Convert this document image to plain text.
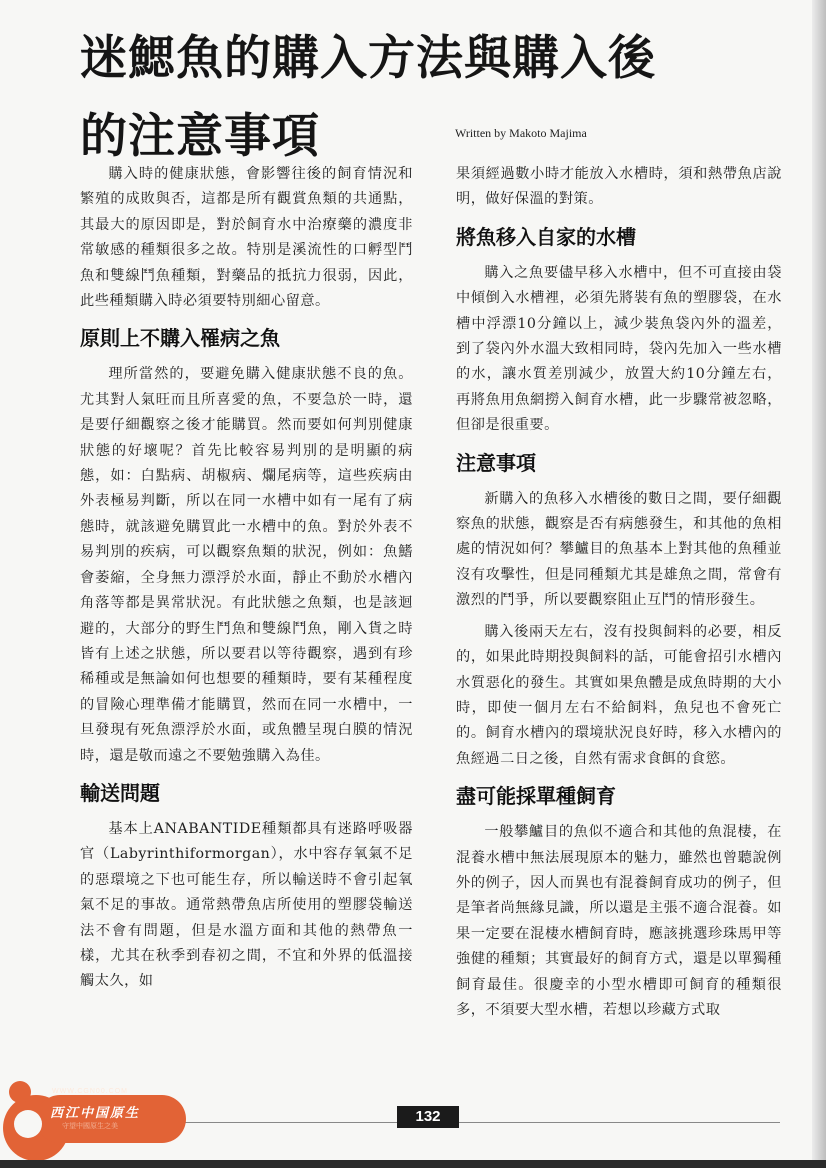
迷鰓魚的購入方法與購入後
的注意事項	Written by Makoto Majima

購入時的健康狀態，會影響往後的飼育情況和繁殖的成敗與否，這都是所有觀賞魚類的共通點，其最大的原因即是，對於飼育水中治療藥的濃度非常敏感的種類很多之故。特別是溪流性的口孵型鬥魚和雙線鬥魚種類，對藥品的抵抗力很弱，因此，此些種類購入時必須要特別細心留意。

原則上不購入罹病之魚

理所當然的，要避免購入健康狀態不良的魚。尤其對人氣旺而且所喜愛的魚，不要急於一時，還是要仔細觀察之後才能購買。然而要如何判別健康狀態的好壞呢？首先比較容易判別的是明顯的病態，如：白點病、胡椒病、爛尾病等，這些疾病由外表極易判斷，所以在同一水槽中如有一尾有了病態時，就該避免購買此一水槽中的魚。對於外表不易判別的疾病，可以觀察魚類的狀況，例如：魚鰭會萎縮，全身無力漂浮於水面，靜止不動於水槽內角落等都是異常狀況。有此狀態之魚類，也是該迴避的，大部分的野生鬥魚和雙線鬥魚，剛入貨之時皆有上述之狀態，所以要君以等待觀察，遇到有珍稀種或是無論如何也想要的種類時，要有某種程度的冒險心理準備才能購買，然而在同一水槽中，一旦發現有死魚漂浮於水面，或魚體呈現白膜的情況時，還是敬而遠之不要勉強購入為佳。

輸送問題

基本上ANABANTIDE種類都具有迷路呼吸器官（Labyrinthiformorgan），水中容存氧氣不足的惡環境之下也可能生存，所以輸送時不會引起氧氣不足的事故。通常熱帶魚店所使用的塑膠袋輸送法不會有問題，但是水溫方面和其他的熱帶魚一樣，尤其在秋季到春初之間，不宜和外界的低溫接觸太久，如

果須經過數小時才能放入水槽時，須和熱帶魚店說明，做好保溫的對策。

將魚移入自家的水槽

購入之魚要儘早移入水槽中，但不可直接由袋中傾倒入水槽裡，必須先將裝有魚的塑膠袋，在水槽中浮漂10分鐘以上，減少裝魚袋內外的溫差，到了袋內外水溫大致相同時，袋內先加入一些水槽的水，讓水質差別減少，放置大約10分鐘左右，再將魚用魚網撈入飼育水槽，此一步驟常被忽略，但卻是很重要。

注意事項

新購入的魚移入水槽後的數日之間，要仔細觀察魚的狀態，觀察是否有病態發生，和其他的魚相處的情況如何？攀鱸目的魚基本上對其他的魚種並沒有攻擊性，但是同種類尤其是雄魚之間，常會有激烈的鬥爭，所以要觀察阻止互鬥的情形發生。

購入後兩天左右，沒有投與飼料的必要，相反的，如果此時期投與飼料的話，可能會招引水槽內水質惡化的發生。其實如果魚體是成魚時期的大小時，即使一個月左右不給飼料，魚兒也不會死亡的。飼育水槽內的環境狀況良好時，移入水槽內的魚經過二日之後，自然有需求食餌的食慾。

盡可能採單種飼育

一般攀鱸目的魚似不適合和其他的魚混棲，在混養水槽中無法展現原本的魅力，雖然也曾聽說例外的例子，因人而異也有混養飼育成功的例子，但是筆者尚無緣見識，所以還是主張不適合混養。如果一定要在混棲水槽飼育時，應該挑選珍珠馬甲等強健的種類；其實最好的飼育方式，還是以單獨種飼育最佳。很慶幸的小型水槽即可飼育的種類很多，不須要大型水槽，若想以珍藏方式取

132
WWW.CGN00.COM
西江中国原生
守望中國原生之美
